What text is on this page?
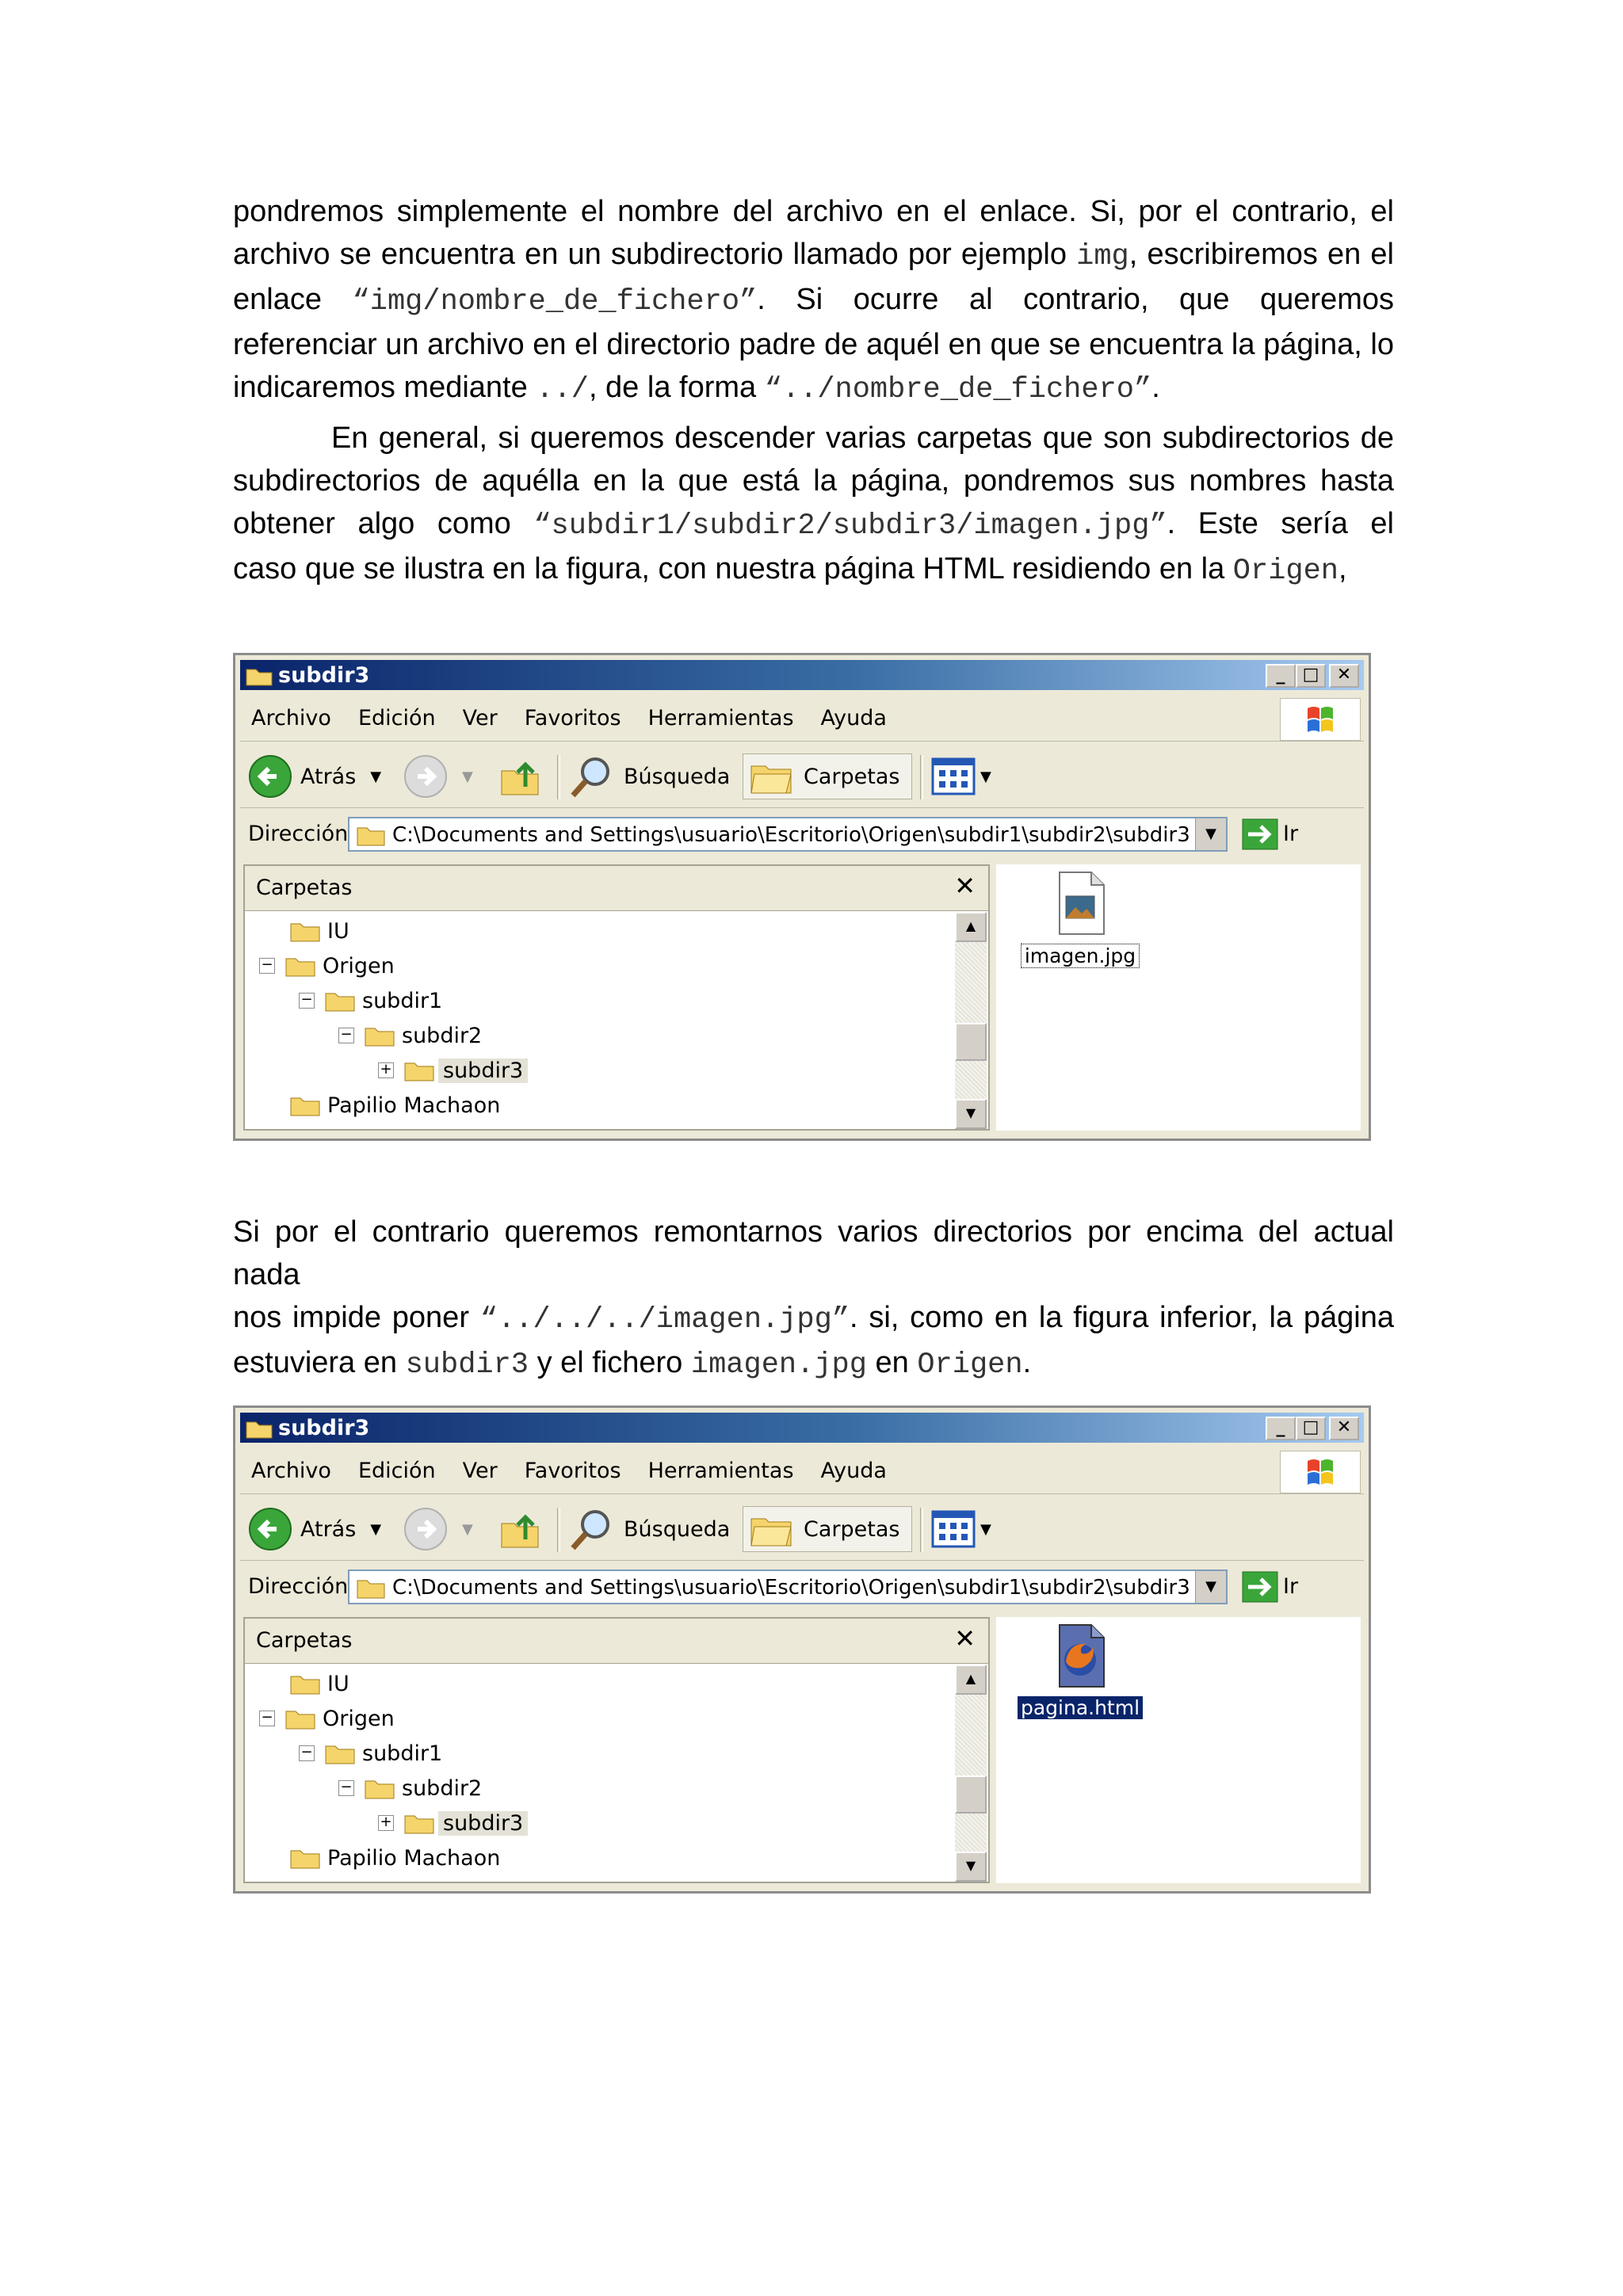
pondremos simplemente el nombre del archivo en el enlace. Si, por el contrario, el
archivo se encuentra en un subdirectorio llamado por ejemplo img, escribiremos en el
enlace “img/nombre_de_fichero”. Si ocurre al contrario, que queremos
referenciar un archivo en el directorio padre de aquél en que se encuentra la página, lo
indicaremos mediante ../, de la forma “../nombre_de_fichero”.
En general, si queremos descender varias carpetas que son subdirectorios de
subdirectorios de aquélla en la que está la página, pondremos sus nombres hasta
obtener algo como “subdir1/subdir2/subdir3/imagen.jpg”. Este sería el
caso que se ilustra en la figura, con nuestra página HTML residiendo en la Origen,
subdir3	_	□	✕
Archivo Edición Ver Favoritos Herramientas Ayuda
Atrás ▼	▼	Búsqueda	Carpetas	▼
Dirección C:\Documents and Settings\usuario\Escritorio\Origen\subdir1\subdir2\subdir3	▼	Ir
Carpetas	✕
IU
− Origen
− subdir1
− subdir2
+ subdir3
Papilio Machaon
▲
▼
imagen.jpg
Si por el contrario queremos remontarnos varios directorios por encima del actual nada
nos impide poner “../../../imagen.jpg”. si, como en la figura inferior, la página
estuviera en subdir3 y el fichero imagen.jpg en Origen.
subdir3	_	□	✕
Archivo Edición Ver Favoritos Herramientas Ayuda
Atrás ▼	▼	Búsqueda	Carpetas	▼
Dirección C:\Documents and Settings\usuario\Escritorio\Origen\subdir1\subdir2\subdir3	▼	Ir
Carpetas	✕
IU
− Origen
− subdir1
− subdir2
+ subdir3
Papilio Machaon
▲
▼
pagina.html
